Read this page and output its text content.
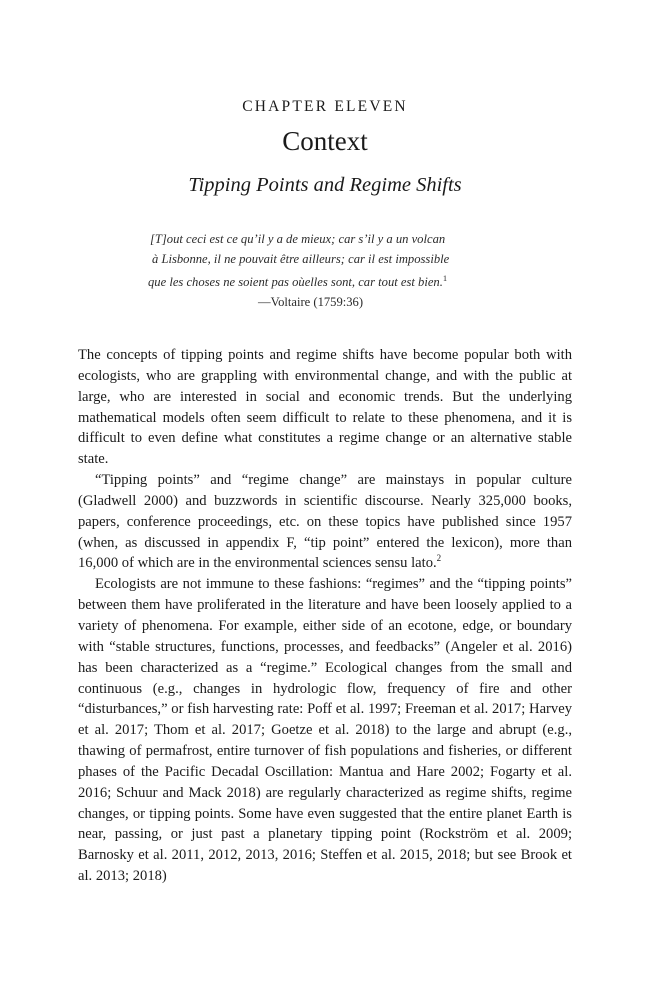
CHAPTER ELEVEN
Context
Tipping Points and Regime Shifts
[T]out ceci est ce qu’il y a de mieux; car s’il y a un volcan
à Lisbonne, il ne pouvait être ailleurs; car il est impossible
que les choses ne soient pas oùelles sont, car tout est bien.$^1$
—Voltaire (1759:36)

The concepts of tipping points and regime shifts have become popular both with ecologists, who are grappling with environmental change, and with the public at large, who are interested in social and economic trends. But the underlying mathematical models often seem difficult to relate to these phenomena, and it is difficult to even define what constitutes a regime change or an alternative stable state.

“Tipping points” and “regime change” are mainstays in popular culture (Gladwell 2000) and buzzwords in scientific discourse. Nearly 325,000 books, papers, conference proceedings, etc. on these topics have published since 1957 (when, as discussed in appendix F, “tip point” entered the lexicon), more than 16,000 of which are in the environmental sciences sensu lato.$^2$

Ecologists are not immune to these fashions: “regimes” and the “tipping points” between them have proliferated in the literature and have been loosely applied to a variety of phenomena. For example, either side of an ecotone, edge, or boundary with “stable structures, functions, processes, and feedbacks” (Angeler et al. 2016) has been characterized as a “regime.” Ecological changes from the small and continuous (e.g., changes in hydrologic flow, frequency of fire and other “disturbances,” or fish harvesting rate: Poff et al. 1997; Freeman et al. 2017; Harvey et al. 2017; Thom et al. 2017; Goetze et al. 2018) to the large and abrupt (e.g., thawing of permafrost, entire turnover of fish populations and fisheries, or different phases of the Pacific Decadal Oscillation: Mantua and Hare 2002; Fogarty et al. 2016; Schuur and Mack 2018) are regularly characterized as regime shifts, regime changes, or tipping points. Some have even suggested that the entire planet Earth is near, passing, or just past a planetary tipping point (Rockström et al. 2009; Barnosky et al. 2011, 2012, 2013, 2016; Steffen et al. 2015, 2018; but see Brook et al. 2013; 2018)
